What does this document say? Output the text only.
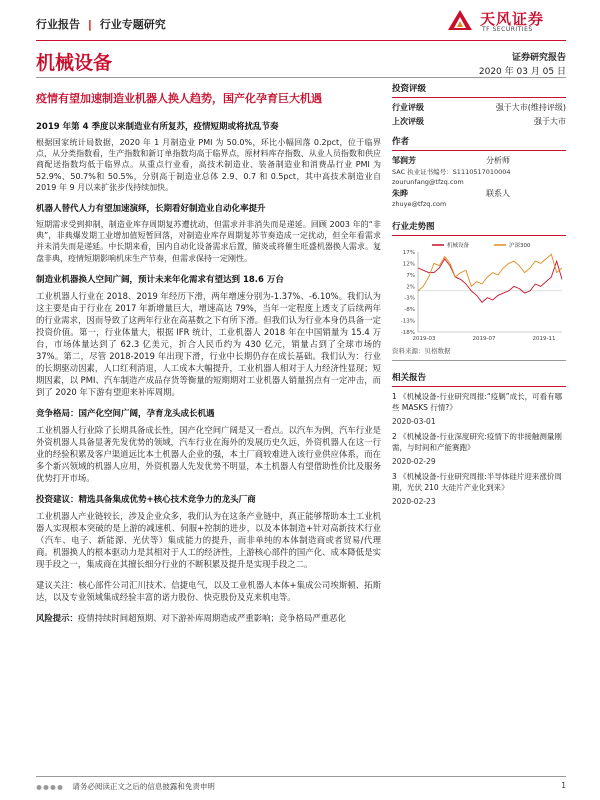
行业报告 | 行业专题研究	天风证券
TF SECURITIES
机械设备	证券研究报告
2020 年 03 月 05 日
疫情有望加速制造业机器人换人趋势，国产化孕育巨大机遇
2019 年第 4 季度以来制造业有所复苏，疫情短期或将扰乱节奏
根据国家统计局数据，2020 年 1 月制造业 PMI 为 50.0%，环比小幅回落 0.2pct，位于临界点，从分类指数看，生产指数和新订单指数均高于临界点，原材料库存指数、从业人员指数和供应商配送指数均低于临界点。从重点行业看，高技术制造业、装备制造业和消费品行业 PMI 为 52.9%、50.7%和 50.5%，分别高于制造业总体 2.9、0.7 和 0.5pct，其中高技术制造业自 2019 年 9 月以来扩张步伐持续加快。
机器人替代人力有望加速演绎，长期看好制造业自动化率提升
短期需求受到抑制，制造业库存周期复苏遭扰动，但需求并非消失而是递延。回顾 2003 年的“非典”，非典爆发期工业增加值短暂回落，对制造业库存周期复苏节奏造成一定扰动，但全年看需求并未消失而是递延。中长期来看，国内自动化设备需求后置，肺炎或将催生旺盛机器换人需求。复盘非典，疫情短期影响机床生产节奏，但需求保持一定刚性。
制造业机器换人空间广阔，预计未来年化需求有望达到 18.6 万台
工业机器人行业在 2018、2019 年经历下滑，两年增速分别为-1.37%、-6.10%。我们认为这主要是由于行业在 2017 年新增量巨大，增速高达 79%，当年一定程度上透支了后续两年的行业需求，因而导致了这两年行业在高基数之下有所下滑。但我们认为行业本身仍具备一定投资价值。第一，行业体量大，根据 IFR 统计，工业机器人 2018 年在中国销量为 15.4 万台，市场体量达到了 62.3 亿美元，折合人民币约为 430 亿元，销量占到了全球市场的 37%。第二，尽管 2018-2019 年出现下滑，行业中长期仍存在成长基础。我们认为：行业的长期驱动因素，人口红利消退，人工成本大幅提升，工业机器人相对于人力经济性显现；短期因素，以 PMI、汽车制造产成品存货等衡量的短期期对工业机器人销量拐点有一定冲击，而到了 2020 年下游有望迎来补库周期。
竞争格局：国产化空间广阔，孕育龙头成长机遇
工业机器人行业除了长期具备成长性，国产化空间广阔是又一看点。以汽车为例，汽车行业是外资机器人具备显著先发优势的领域，汽车行业在海外的发展历史久远，外资机器人在这一行业的经验积累及客户渠道远比本土机器人企业的强，本土厂商较难进入该行业供应体系，而在多个新兴领域的机器人应用，外资机器人先发优势不明显，本土机器人有望借助性价比及服务优势打开市场。
投资建议：精选具备集成优势+核心技术竞争力的龙头厂商
工业机器人产业链较长，涉及企业众多，我们认为在这条产业链中，真正能够帮助本土工业机器人实现根本突破的是上游的减速机、伺服+控制的进步，以及本体制造+针对高新技术行业（汽车、电子、新能源、光伏等）集成能力的提升，而非单纯的本体制造商或者贸易/代理商。机器换人的根本驱动力是其相对于人工的经济性，上游核心部件的国产化、成本降低是实现手段之一，集成商在其擅长细分行业的不断积累及提升是实现手段之二。
建议关注：核心部件公司汇川技术、信捷电气，以及工业机器人本体+集成公司埃斯顿、拓斯达，以及专业领域集成经验丰富的诺力股份、快克股份及克来机电等。
风险提示：疫情持续时间超预期、对下游补库周期造成严重影响；竞争格局严重恶化
投资评级
行业评级	强于大市(维持评级)
上次评级	强于大市
作者
邹润芳	分析师
SAC 执业证书编号：S1110517010004
zourunfang@tfzq.com
朱晔	联系人
zhuye@tfzq.com
行业走势图
17%
12%
7%
2%
-3%
-8%
-13%
-18%
2019-03	2019-07	2019-11
机械设备	沪深300
资料来源：贝格数据
相关报告
1 《机械设备-行业研究周报:“疫剿”成长，可看有哪些 MASKS 行情?》
2020-03-01
2 《机械设备-行业深度研究:疫情下的非接触测量刚需，与时间和产能赛跑》
2020-02-29
3 《机械设备-行业研究周报:半导体硅片迎来涨价周期，光伏 210 大硅片产业化到来》
2020-02-23
请务必阅读正文之后的信息披露和免责申明	1
